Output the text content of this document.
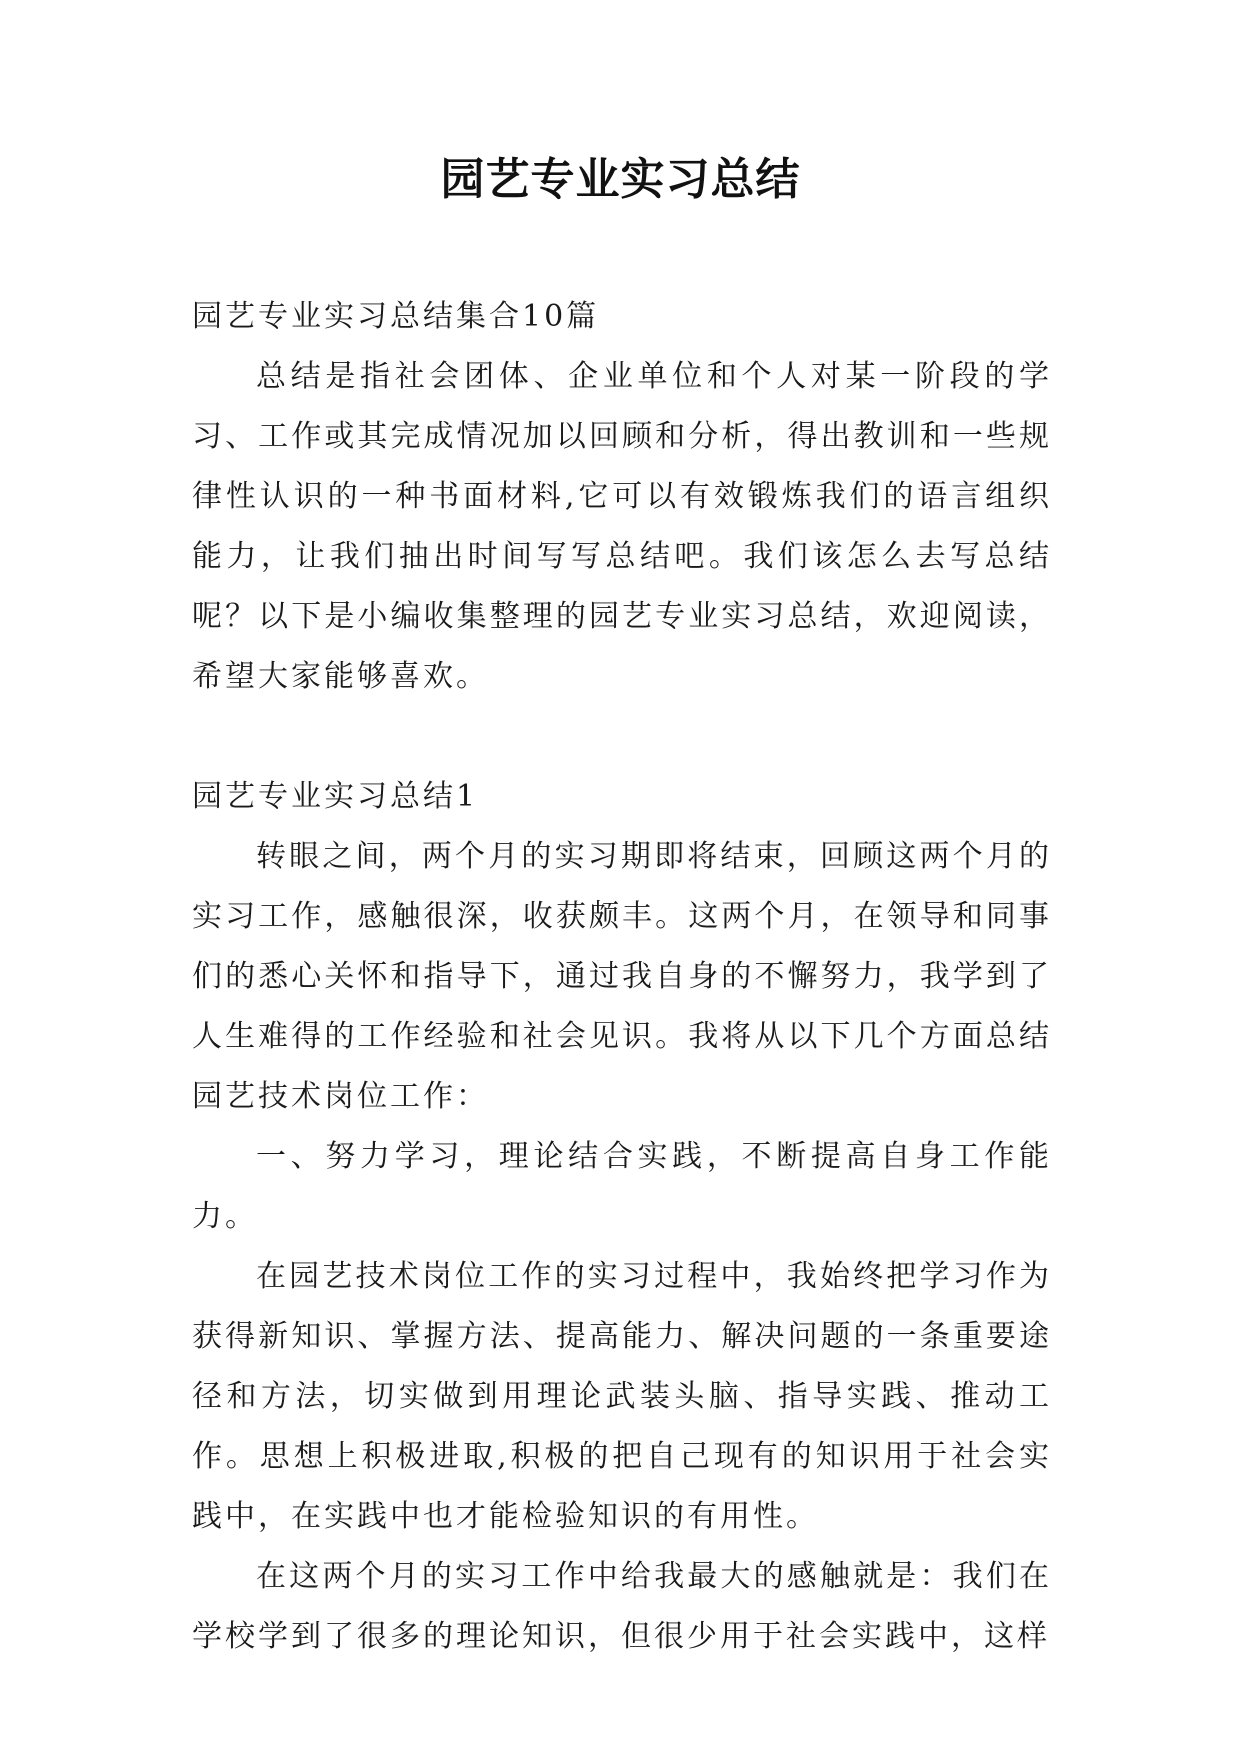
园艺专业实习总结

园艺专业实习总结集合10篇

总结是指社会团体、企业单位和个人对某一阶段的学习、工作或其完成情况加以回顾和分析，得出教训和一些规律性认识的一种书面材料,它可以有效锻炼我们的语言组织能力，让我们抽出时间写写总结吧。我们该怎么去写总结呢？以下是小编收集整理的园艺专业实习总结，欢迎阅读，希望大家能够喜欢。

园艺专业实习总结1

转眼之间，两个月的实习期即将结束，回顾这两个月的实习工作，感触很深，收获颇丰。这两个月，在领导和同事们的悉心关怀和指导下，通过我自身的不懈努力，我学到了人生难得的工作经验和社会见识。我将从以下几个方面总结园艺技术岗位工作：

一、努力学习，理论结合实践，不断提高自身工作能力。

在园艺技术岗位工作的实习过程中，我始终把学习作为获得新知识、掌握方法、提高能力、解决问题的一条重要途径和方法，切实做到用理论武装头脑、指导实践、推动工作。思想上积极进取,积极的把自己现有的知识用于社会实践中，在实践中也才能检验知识的有用性。

在这两个月的实习工作中给我最大的感触就是：我们在学校学到了很多的理论知识，但很少用于社会实践中，这样
